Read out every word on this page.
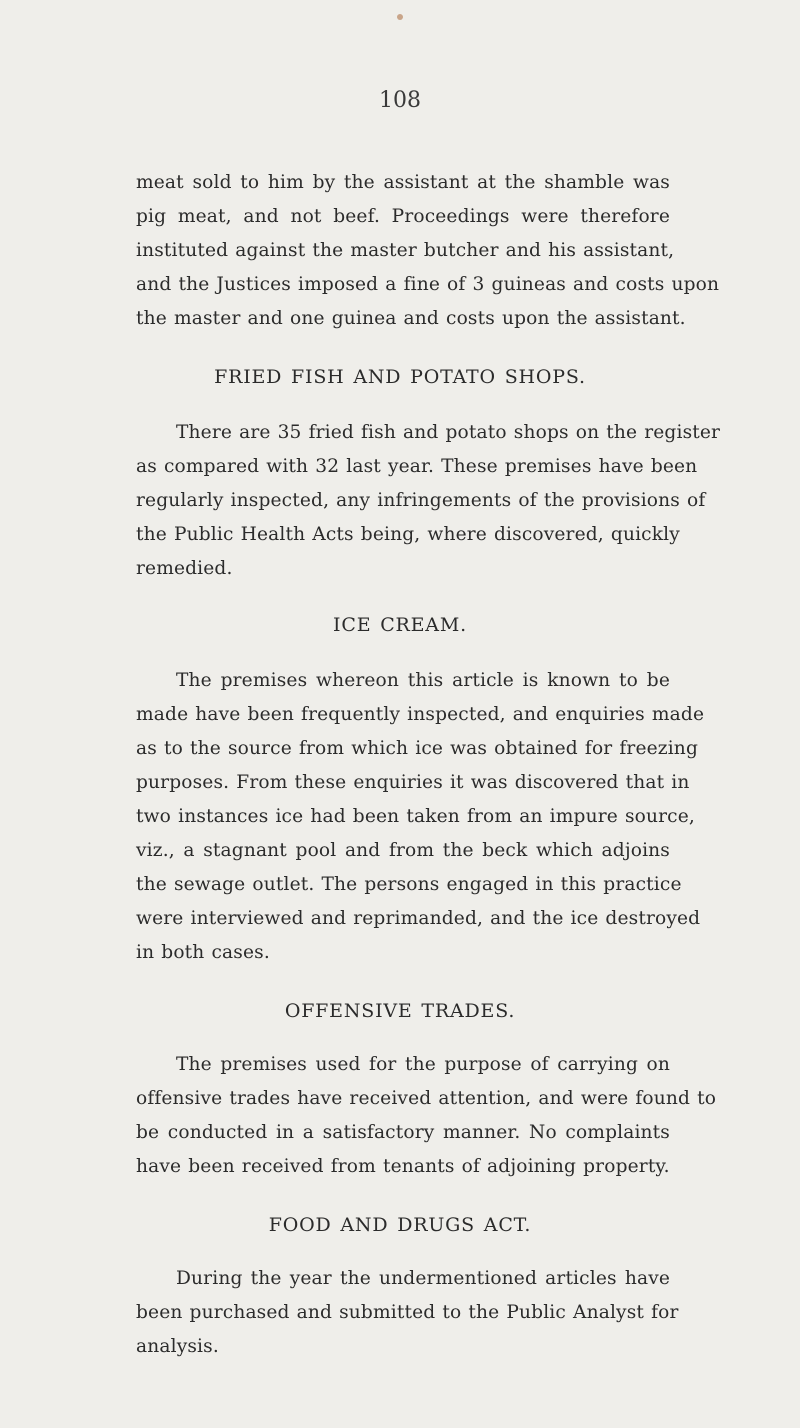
108

meat sold to him by the assistant at the shamble was
pig meat, and not beef. Proceedings were therefore
instituted against the master butcher and his assistant,
and the Justices imposed a fine of 3 guineas and costs upon
the master and one guinea and costs upon the assistant.

FRIED FISH AND POTATO SHOPS.

There are 35 fried fish and potato shops on the register
as compared with 32 last year. These premises have been
regularly inspected, any infringements of the provisions of
the Public Health Acts being, where discovered, quickly
remedied.

ICE CREAM.

The premises whereon this article is known to be
made have been frequently inspected, and enquiries made
as to the source from which ice was obtained for freezing
purposes. From these enquiries it was discovered that in
two instances ice had been taken from an impure source,
viz., a stagnant pool and from the beck which adjoins
the sewage outlet. The persons engaged in this practice
were interviewed and reprimanded, and the ice destroyed
in both cases.

OFFENSIVE TRADES.

The premises used for the purpose of carrying on
offensive trades have received attention, and were found to
be conducted in a satisfactory manner. No complaints
have been received from tenants of adjoining property.

FOOD AND DRUGS ACT.

During the year the undermentioned articles have
been purchased and submitted to the Public Analyst for
analysis.
